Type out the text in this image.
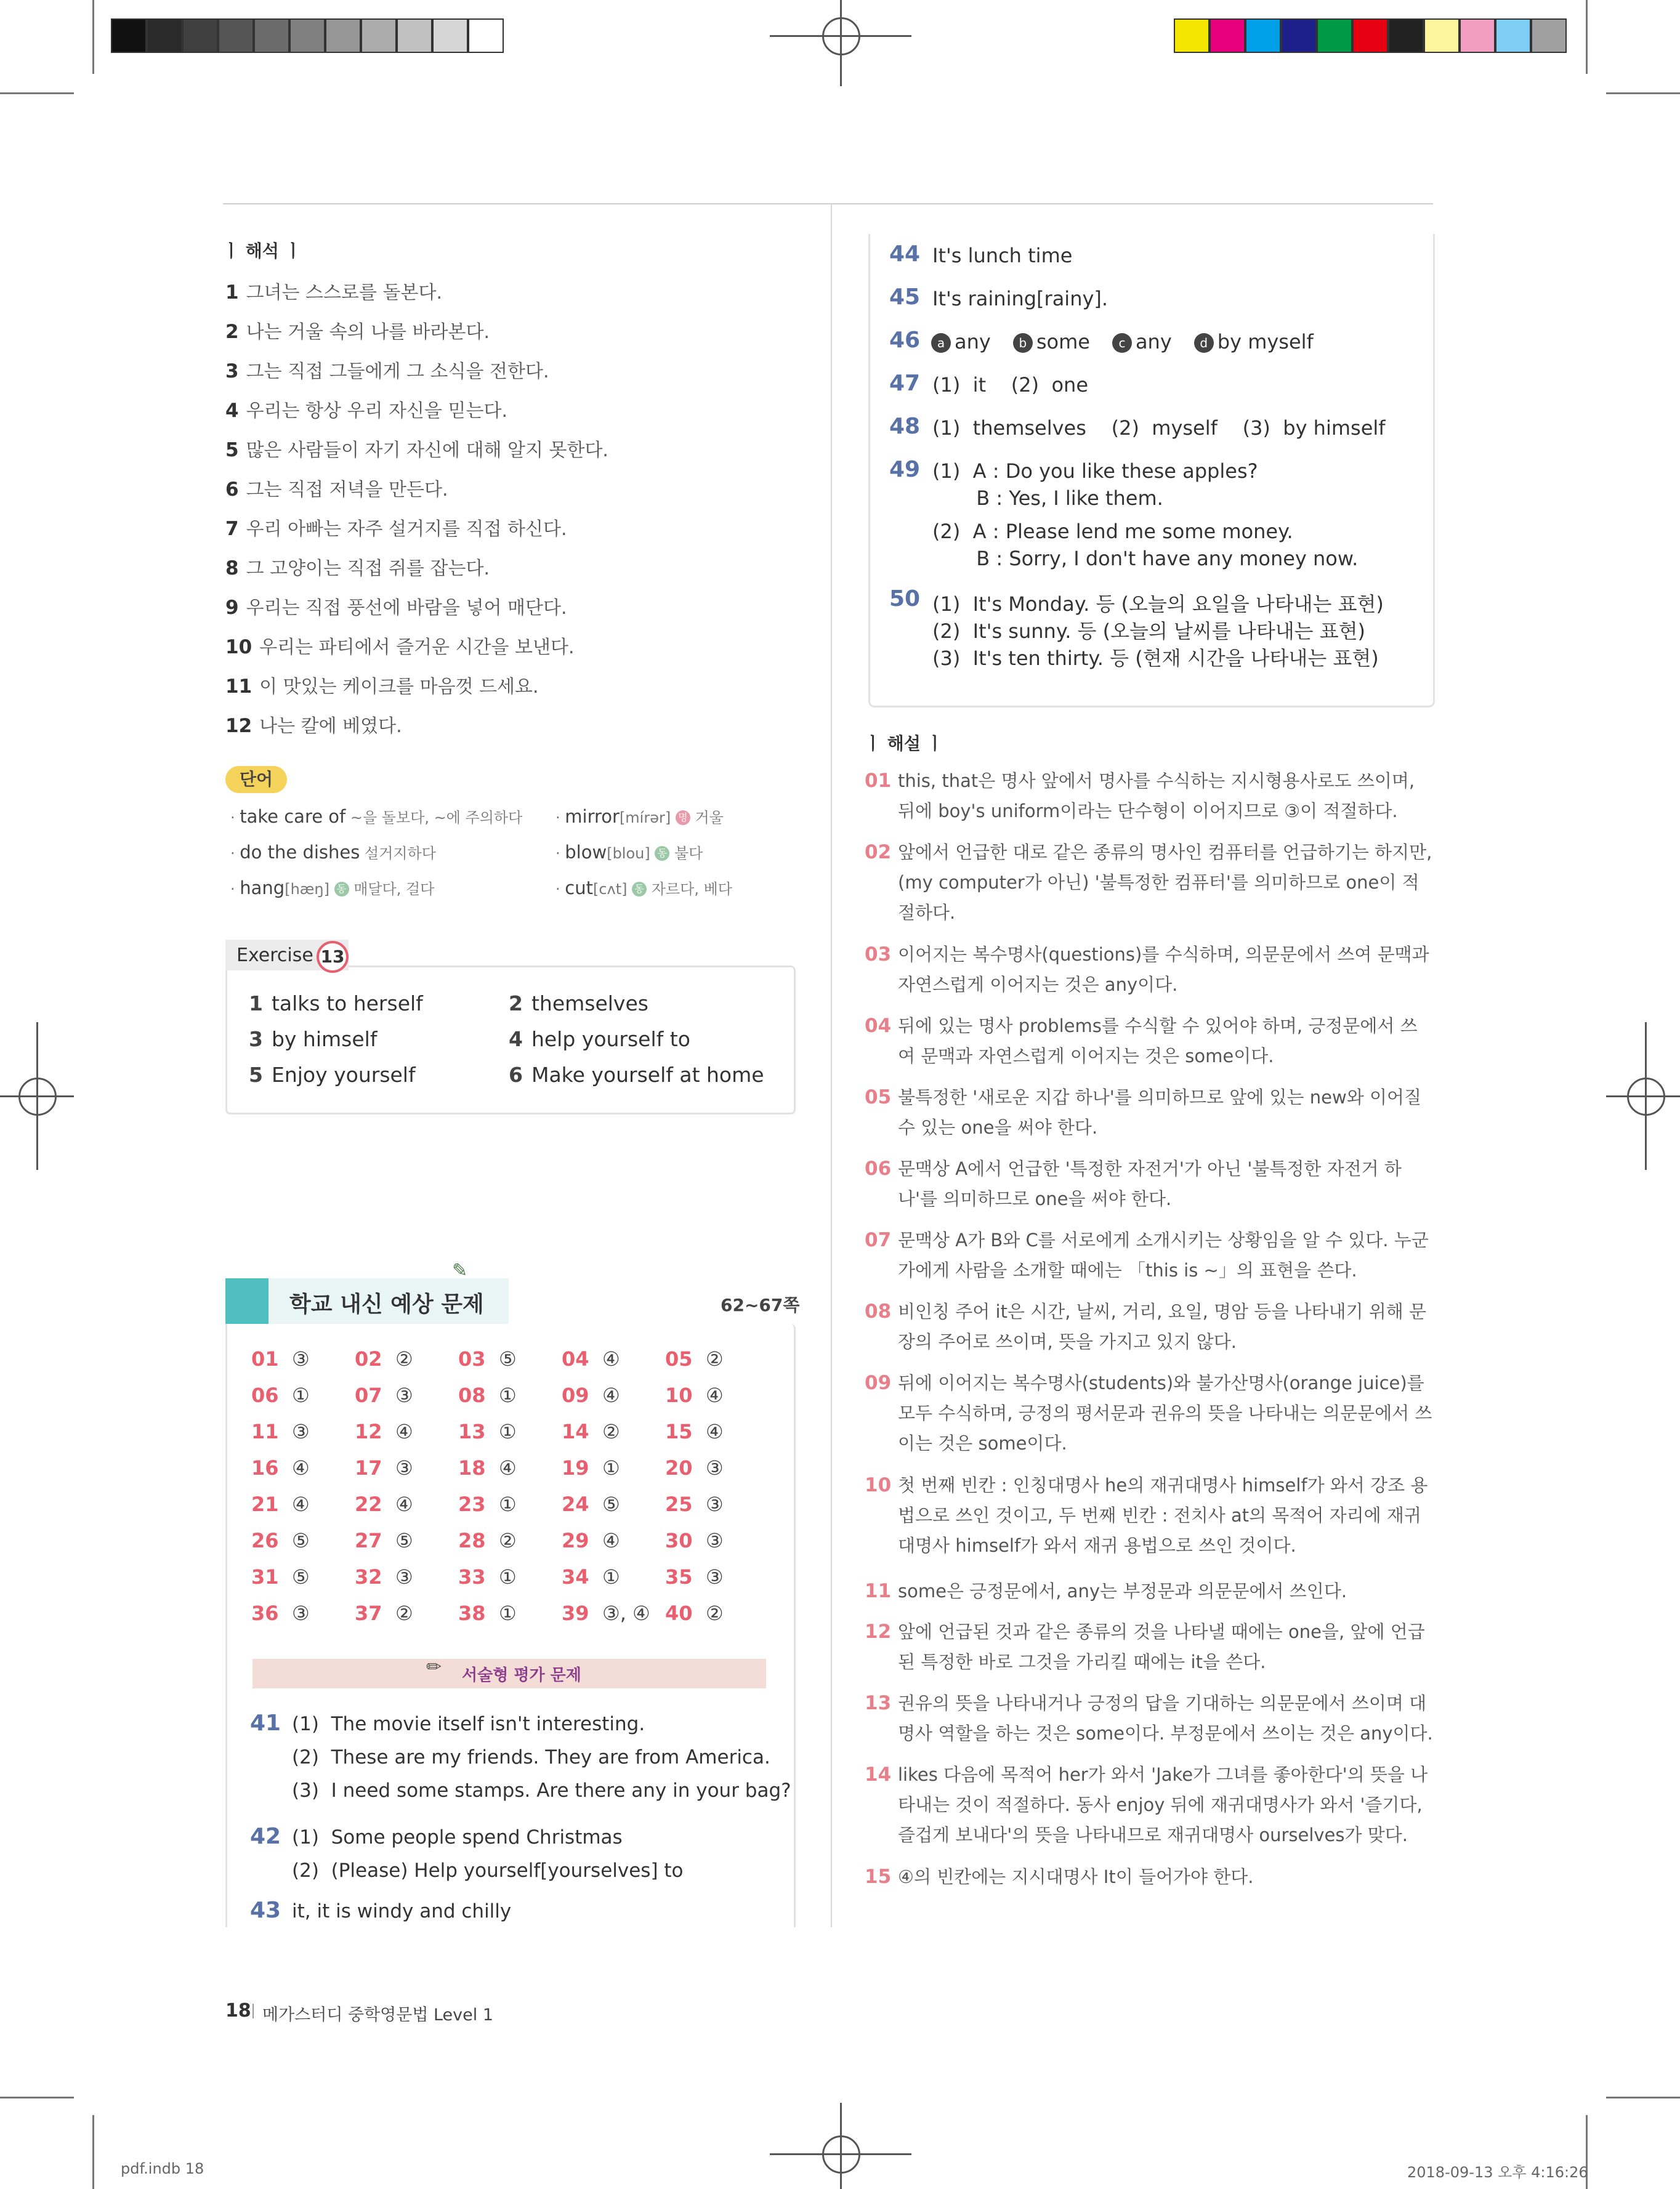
ㅣ 해석 ㅣ
1 그녀는 스스로를 돌본다.
2 나는 거울 속의 나를 바라본다.
3 그는 직접 그들에게 그 소식을 전한다.
4 우리는 항상 우리 자신을 믿는다.
5 많은 사람들이 자기 자신에 대해 알지 못한다.
6 그는 직접 저녁을 만든다.
7 우리 아빠는 자주 설거지를 직접 하신다.
8 그 고양이는 직접 쥐를 잡는다.
9 우리는 직접 풍선에 바람을 넣어 매단다.
10 우리는 파티에서 즐거운 시간을 보낸다.
11 이 맛있는 케이크를 마음껏 드세요.
12 나는 칼에 베였다.
단어
· take care of ~을 돌보다, ~에 주의하다 · mirror[mírər] 명 거울
· do the dishes 설거지하다	· blow[blou] 동 불다
· hang[hæŋ] 동 매달다, 걸다	· cut[cʌt] 동 자르다, 베다
Exercise 13
1 talks to herself	2 themselves
3 by himself	4 help yourself to
5 Enjoy yourself	6 Make yourself at home
학교 내신 예상 문제
✎
62~67쪽
01 ③ 02 ② 03 ⑤ 04 ④ 05 ②
06 ① 07 ③ 08 ① 09 ④ 10 ④
11 ③ 12 ④ 13 ① 14 ② 15 ④
16 ④ 17 ③ 18 ④ 19 ① 20 ③
21 ④ 22 ④ 23 ① 24 ⑤ 25 ③
26 ⑤ 27 ⑤ 28 ② 29 ④ 30 ③
31 ⑤ 32 ③ 33 ① 34 ① 35 ③
36 ③ 37 ② 38 ① 39 ③, ④ 40 ②
서술형 평가 문제
✏
41 (1)  The movie itself isn't interesting.
(2)  These are my friends. They are from America.
(3)  I need some stamps. Are there any in your bag?
42 (1)  Some people spend Christmas
(2)  (Please) Help yourself[yourselves] to
43 it, it is windy and chilly
18 메가스터디 중학영문법 Level 1
44 It's lunch time
45 It's raining[rainy].
47 (1)  it    (2)  one
48 (1)  themselves    (2)  myself    (3)  by himself
49 (1)  A : Do you like these apples?
B : Yes, I like them.
(2)  A : Please lend me some money.
B : Sorry, I don't have any money now.
50 (1)  It's Monday. 등 (오늘의 요일을 나타내는 표현)
(2)  It's sunny. 등 (오늘의 날씨를 나타내는 표현)
(3)  It's ten thirty. 등 (현재 시간을 나타내는 표현)
46	a any b some c any d by myself
ㅣ 해설 ㅣ
01 this, that은 명사 앞에서 명사를 수식하는 지시형용사로도 쓰이며, 뒤에 boy's uniform이라는 단수형이 이어지므로 ③이 적절하다.
02 앞에서 언급한 대로 같은 종류의 명사인 컴퓨터를 언급하기는 하지만, (my computer가 아닌) '불특정한 컴퓨터'를 의미하므로 one이 적절하다.
03 이어지는 복수명사(questions)를 수식하며, 의문문에서 쓰여 문맥과 자연스럽게 이어지는 것은 any이다.
04 뒤에 있는 명사 problems를 수식할 수 있어야 하며, 긍정문에서 쓰여 문맥과 자연스럽게 이어지는 것은 some이다.
05 불특정한 '새로운 지갑 하나'를 의미하므로 앞에 있는 new와 이어질 수 있는 one을 써야 한다.
06 문맥상 A에서 언급한 '특정한 자전거'가 아닌 '불특정한 자전거 하나'를 의미하므로 one을 써야 한다.
07 문맥상 A가 B와 C를 서로에게 소개시키는 상황임을 알 수 있다. 누군가에게 사람을 소개할 때에는 「this is ~」의 표현을 쓴다.
08 비인칭 주어 it은 시간, 날씨, 거리, 요일, 명암 등을 나타내기 위해 문장의 주어로 쓰이며, 뜻을 가지고 있지 않다.
09 뒤에 이어지는 복수명사(students)와 불가산명사(orange juice)를 모두 수식하며, 긍정의 평서문과 권유의 뜻을 나타내는 의문문에서 쓰이는 것은 some이다.
10 첫 번째 빈칸 : 인칭대명사 he의 재귀대명사 himself가 와서 강조 용법으로 쓰인 것이고, 두 번째 빈칸 : 전치사 at의 목적어 자리에 재귀대명사 himself가 와서 재귀 용법으로 쓰인 것이다.
11 some은 긍정문에서, any는 부정문과 의문문에서 쓰인다.
12 앞에 언급된 것과 같은 종류의 것을 나타낼 때에는 one을, 앞에 언급된 특정한 바로 그것을 가리킬 때에는 it을 쓴다.
13 권유의 뜻을 나타내거나 긍정의 답을 기대하는 의문문에서 쓰이며 대명사 역할을 하는 것은 some이다. 부정문에서 쓰이는 것은 any이다.
14 likes 다음에 목적어 her가 와서 'Jake가 그녀를 좋아한다'의 뜻을 나타내는 것이 적절하다. 동사 enjoy 뒤에 재귀대명사가 와서 '즐기다, 즐겁게 보내다'의 뜻을 나타내므로 재귀대명사 ourselves가 맞다.
15 ④의 빈칸에는 지시대명사 It이 들어가야 한다.
pdf.indb 18	2018-09-13 오후 4:16:26
